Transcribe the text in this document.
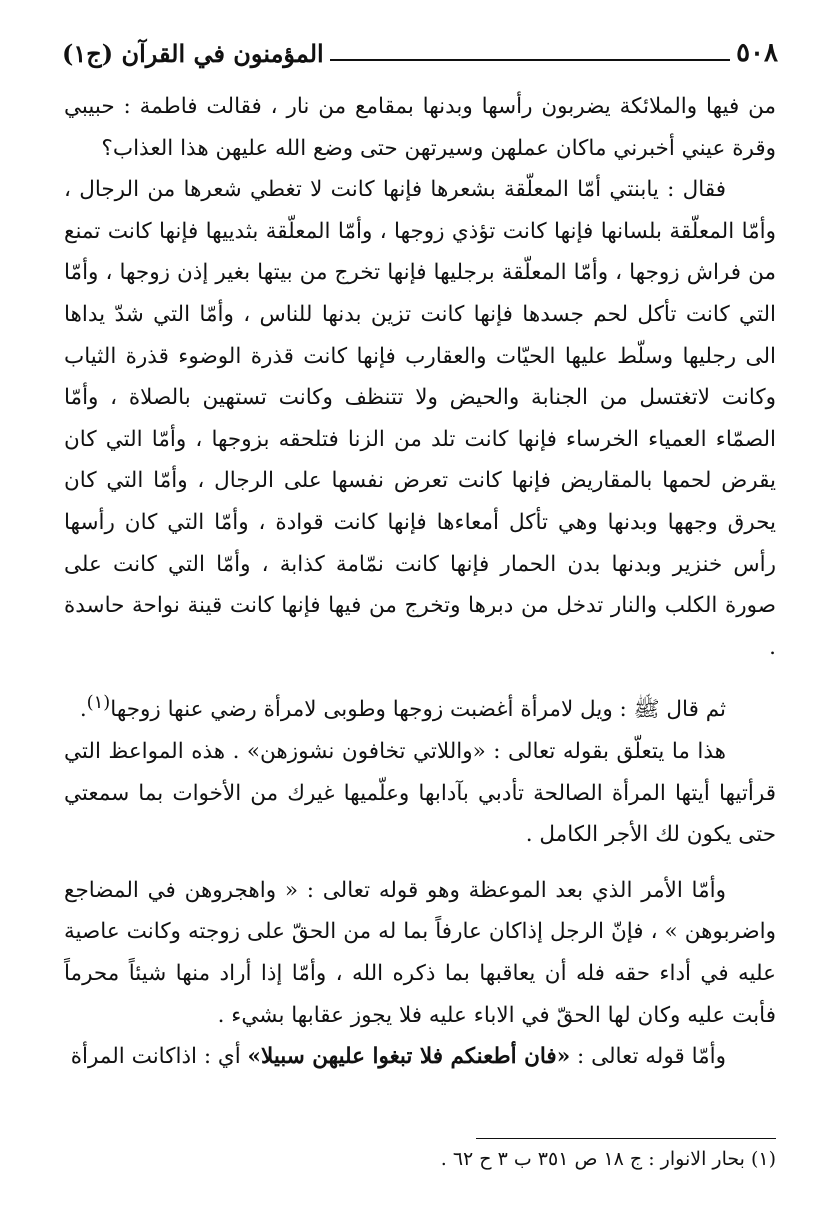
٥٠٨
المؤمنون في القرآن (ج١)

من فيها والملائكة يضربون رأسها وبدنها بمقامع من نار ، فقالت فاطمة : حبيبي وقرة عيني أخبرني ماكان عملهن وسيرتهن حتى وضع الله عليهن هذا العذاب؟

فقال : يابنتي أمّا المعلّقة بشعرها فإنها كانت لا تغطي شعرها من الرجال ، وأمّا المعلّقة بلسانها فإنها كانت تؤذي زوجها ، وأمّا المعلّقة بثدييها فإنها كانت تمنع من فراش زوجها ، وأمّا المعلّقة برجليها فإنها تخرج من بيتها بغير إذن زوجها ، وأمّا التي كانت تأكل لحم جسدها فإنها كانت تزين بدنها للناس ، وأمّا التي شدّ يداها الى رجليها وسلّط عليها الحيّات والعقارب فإنها كانت قذرة الوضوء قذرة الثياب وكانت لاتغتسل من الجنابة والحيض ولا تتنظف وكانت تستهين بالصلاة ، وأمّا الصمّاء العمياء الخرساء فإنها كانت تلد من الزنا فتلحقه بزوجها ، وأمّا التي كان يقرض لحمها بالمقاريض فإنها كانت تعرض نفسها على الرجال ، وأمّا التي كان يحرق وجهها وبدنها وهي تأكل أمعاءها فإنها كانت قوادة ، وأمّا التي كان رأسها رأس خنزير وبدنها بدن الحمار فإنها كانت نمّامة كذابة ، وأمّا التي كانت على صورة الكلب والنار تدخل من دبرها وتخرج من فيها فإنها كانت قينة نواحة حاسدة .

ثم قال ﷺ : ويل لامرأة أغضبت زوجها وطوبى لامرأة رضي عنها زوجها$^{(١)}$.

هذا ما يتعلّق بقوله تعالى : «واللاتي تخافون نشوزهن» . هذه المواعظ التي قرأتيها أيتها المرأة الصالحة تأدبي بآدابها وعلّميها غيرك من الأخوات بما سمعتي حتى يكون لك الأجر الكامل .

وأمّا الأمر الذي بعد الموعظة وهو قوله تعالى : « واهجروهن في المضاجع واضربوهن » ، فإنّ الرجل إذاكان عارفاً بما له من الحقّ على زوجته وكانت عاصية عليه في أداء حقه فله أن يعاقبها بما ذكره الله ، وأمّا إذا أراد منها شيئاً محرماً فأبت عليه وكان لها الحقّ في الاباء عليه فلا يجوز عقابها بشيء .

وأمّا قوله تعالى : «فان أطعنكم فلا تبغوا عليهن سبيلا» أي : اذاكانت المرأة

(١) بحار الانوار : ج ١٨ ص ٣٥١ ب ٣ ح ٦٢ .
